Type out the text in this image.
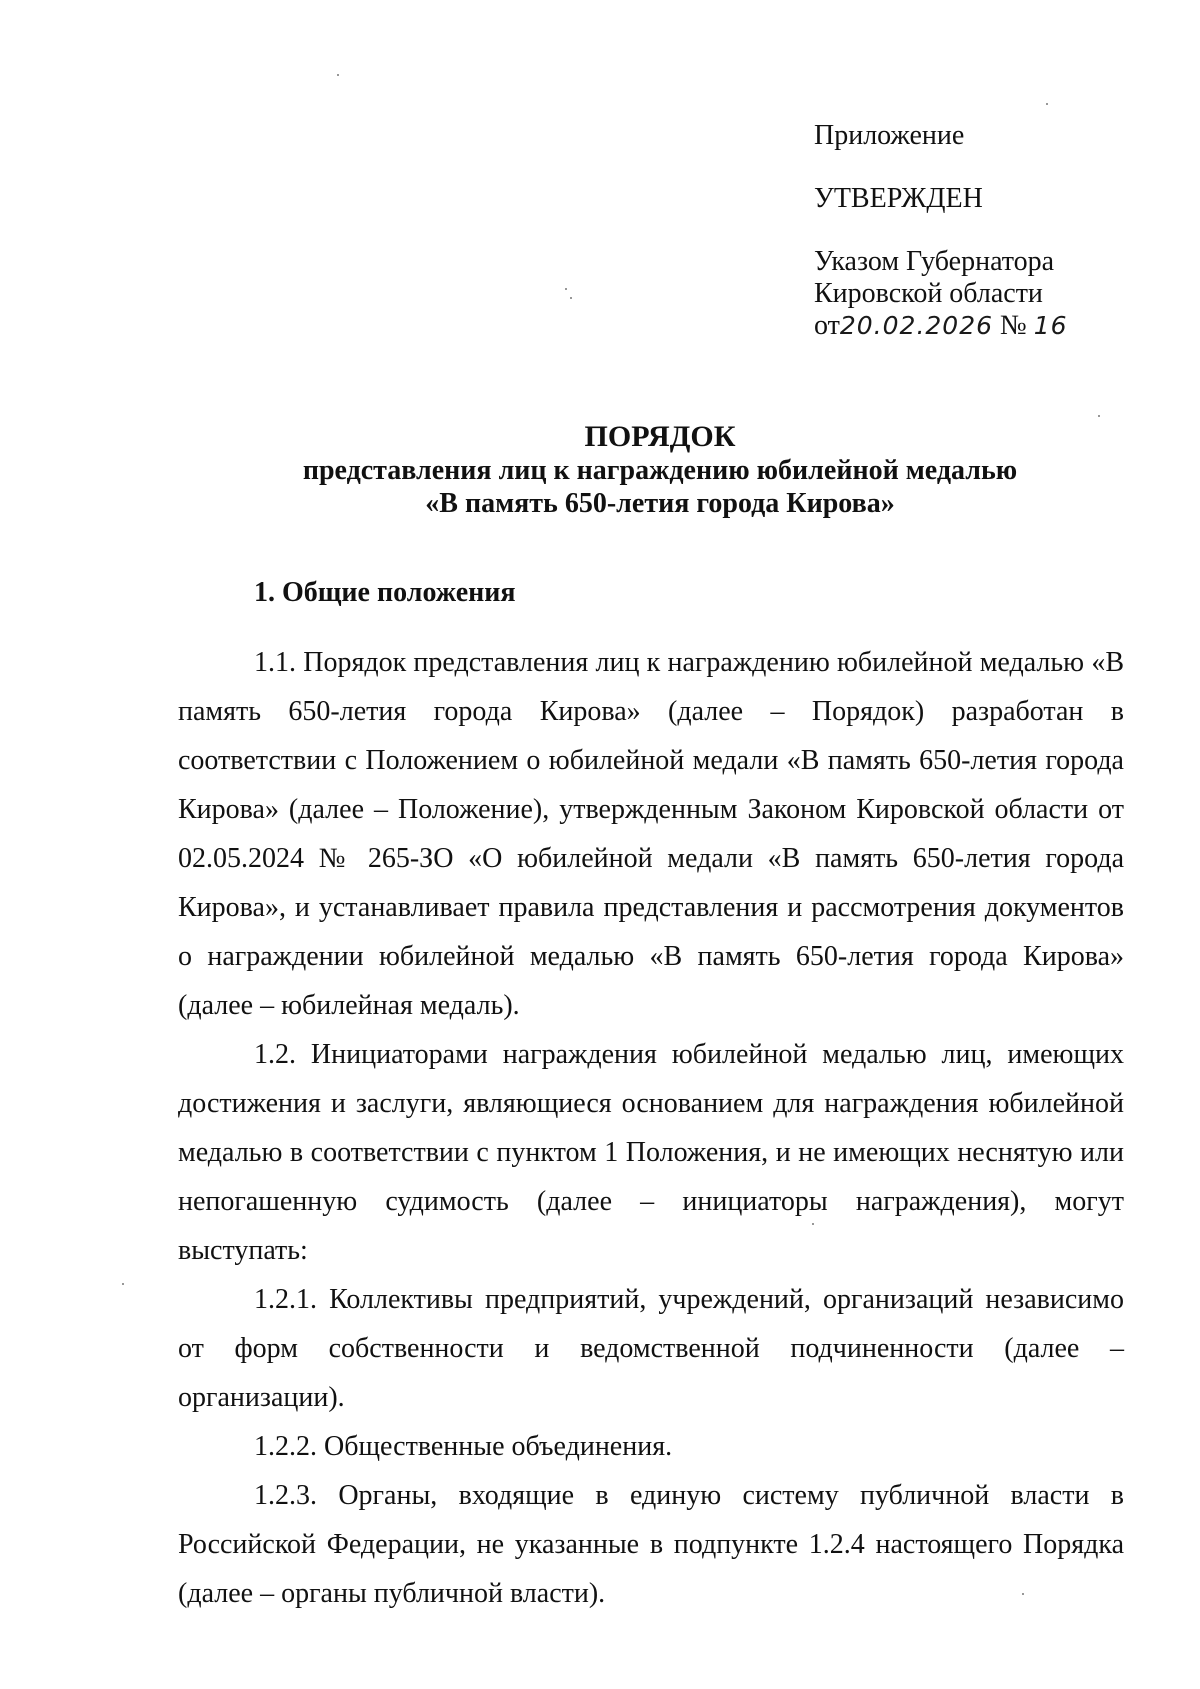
Приложение
УТВЕРЖДЕН
Указом Губернатора
Кировской области
от20.02.2026 № 16
ПОРЯДОК
представления лиц к награждению юбилейной медалью
«В память 650-летия города Кирова»
1. Общие положения

1.1. Порядок представления лиц к награждению юбилейной медалью «В память 650-летия города Кирова» (далее – Порядок) разработан в соответствии с Положением о юбилейной медали «В память 650-летия города Кирова» (далее – Положение), утвержденным Законом Кировской области от 02.05.2024 № 265-ЗО «О юбилейной медали «В память 650-летия города Кирова», и устанавливает правила представления и рассмотрения документов о награждении юбилейной медалью «В память 650-летия города Кирова» (далее – юбилейная медаль).

1.2. Инициаторами награждения юбилейной медалью лиц, имеющих достижения и заслуги, являющиеся основанием для награждения юбилейной медалью в соответствии с пунктом 1 Положения, и не имеющих неснятую или непогашенную судимость (далее – инициаторы награждения), могут выступать:

1.2.1. Коллективы предприятий, учреждений, организаций независимо от форм собственности и ведомственной подчиненности (далее – организации).

1.2.2. Общественные объединения.

1.2.3. Органы, входящие в единую систему публичной власти в Российской Федерации, не указанные в подпункте 1.2.4 настоящего Порядка (далее – органы публичной власти).
